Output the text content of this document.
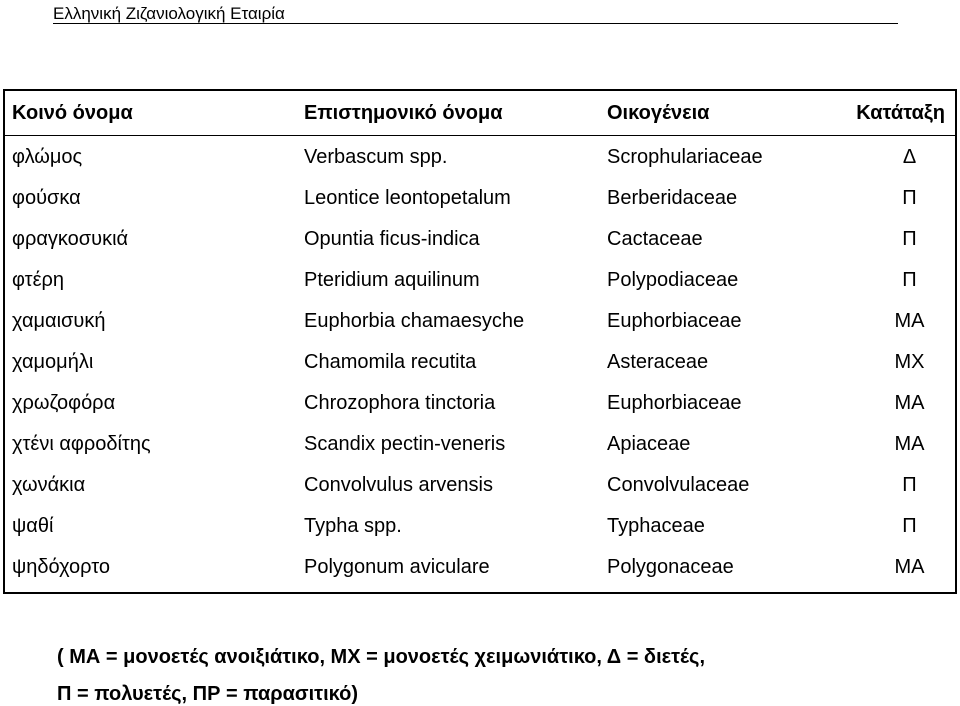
Ελληνική Ζιζανιολογική Εταιρία
Κοινό όνομα	Επιστημονικό όνομα	Οικογένεια	Κατάταξη
φλώμος	Verbascum spp.	Scrophulariaceae	Δ
φούσκα	Leontice leontopetalum	Berberidaceae	Π
φραγκοσυκιά	Opuntia ficus-indica	Cactaceae	Π
φτέρη	Pteridium aquilinum	Polypodiaceae	Π
χαμαισυκή	Euphorbia chamaesyche	Euphorbiaceae	ΜΑ
χαμομήλι	Chamomila recutita	Asteraceae	ΜΧ
χρωζοφόρα	Chrozophora tinctoria	Euphorbiaceae	ΜΑ
χτένι αφροδίτης	Scandix pectin-veneris	Apiaceae	ΜΑ
χωνάκια	Convolvulus arvensis	Convolvulaceae	Π
ψαθί	Typha spp.	Typhaceae	Π
ψηδόχορτο	Polygonum aviculare	Polygonaceae	ΜΑ
( ΜΑ = μονοετές ανοιξιάτικο, ΜΧ = μονοετές χειμωνιάτικο, Δ = διετές,
Π = πολυετές, ΠΡ = παρασιτικό)
